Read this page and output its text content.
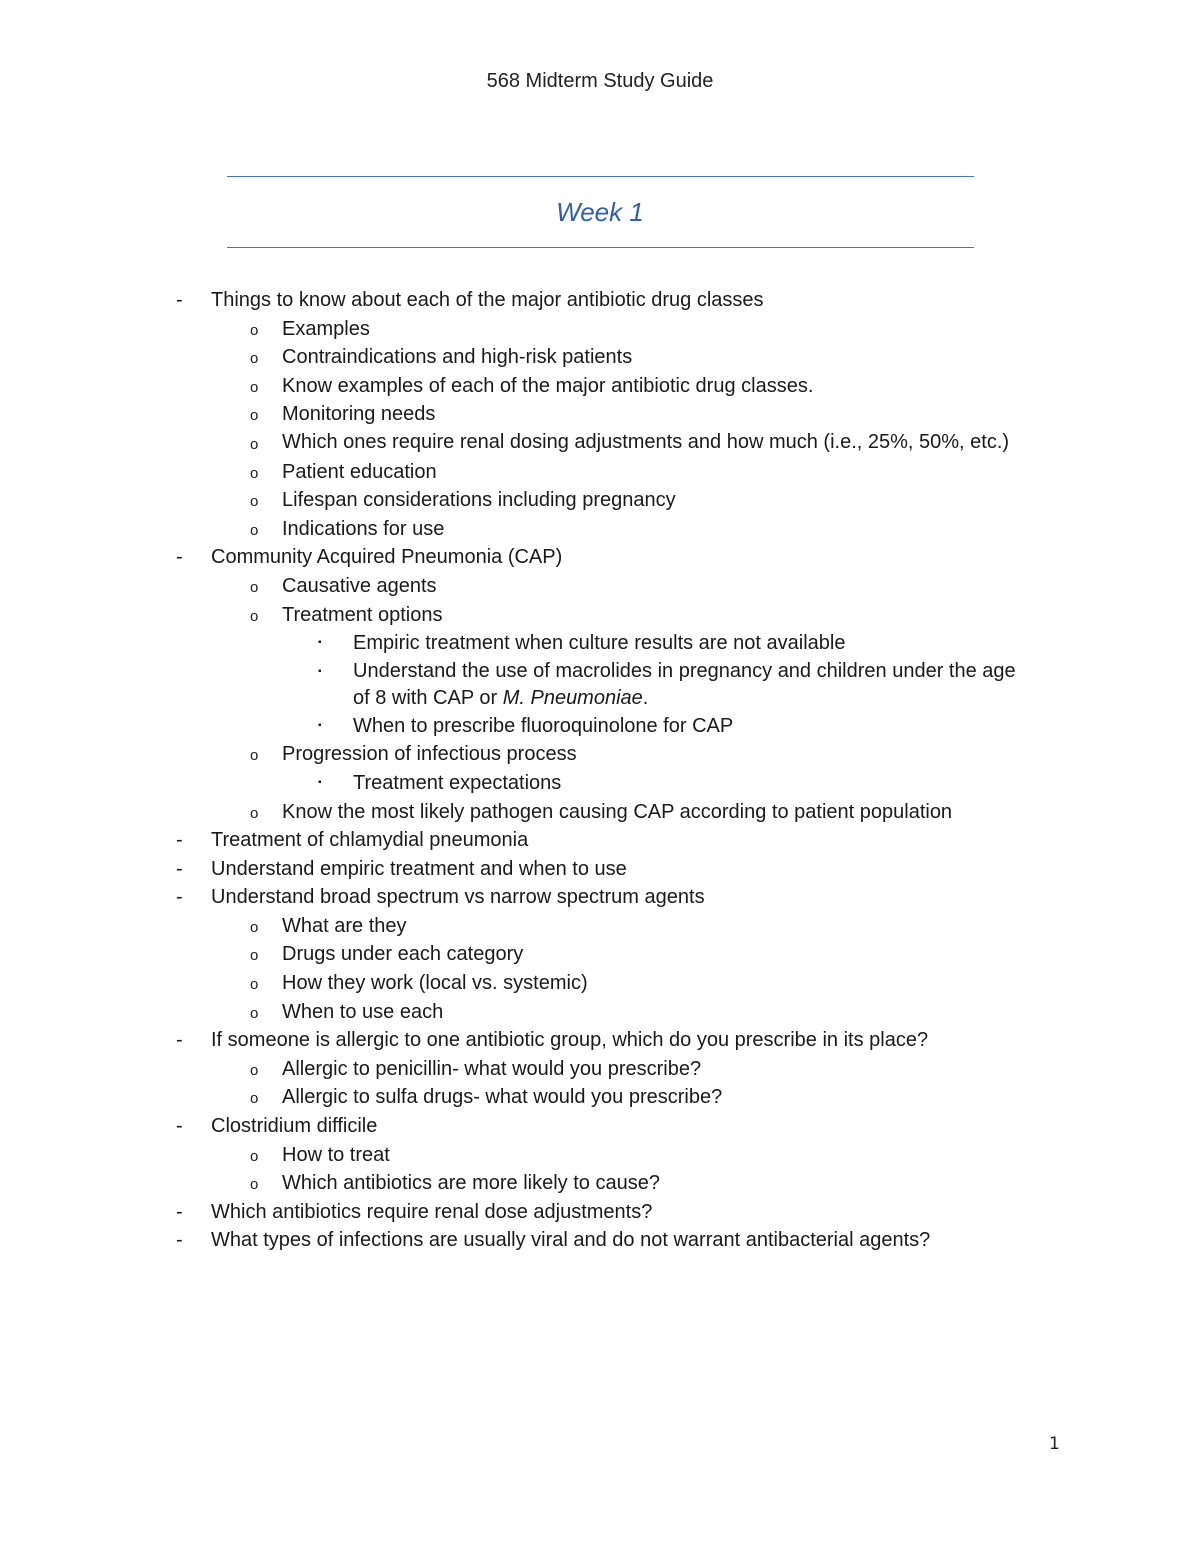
568 Midterm Study Guide
Week 1
- Things to know about each of the major antibiotic drug classes
o Examples
o Contraindications and high-risk patients
o Know examples of each of the major antibiotic drug classes.
o Monitoring needs
o Which ones require renal dosing adjustments and how much (i.e., 25%, 50%, etc.)
o Patient education
o Lifespan considerations including pregnancy
o Indications for use
- Community Acquired Pneumonia (CAP)
o Causative agents
o Treatment options
▪ Empiric treatment when culture results are not available
▪ Understand the use of macrolides in pregnancy and children under the age of 8 with CAP or M. Pneumoniae.
▪ When to prescribe fluoroquinolone for CAP
o Progression of infectious process
▪ Treatment expectations
o Know the most likely pathogen causing CAP according to patient population
- Treatment of chlamydial pneumonia
- Understand empiric treatment and when to use
- Understand broad spectrum vs narrow spectrum agents
o What are they
o Drugs under each category
o How they work (local vs. systemic)
o When to use each
- If someone is allergic to one antibiotic group, which do you prescribe in its place?
o Allergic to penicillin- what would you prescribe?
o Allergic to sulfa drugs- what would you prescribe?
- Clostridium difficile
o How to treat
o Which antibiotics are more likely to cause?
- Which antibiotics require renal dose adjustments?
- What types of infections are usually viral and do not warrant antibacterial agents?
1
